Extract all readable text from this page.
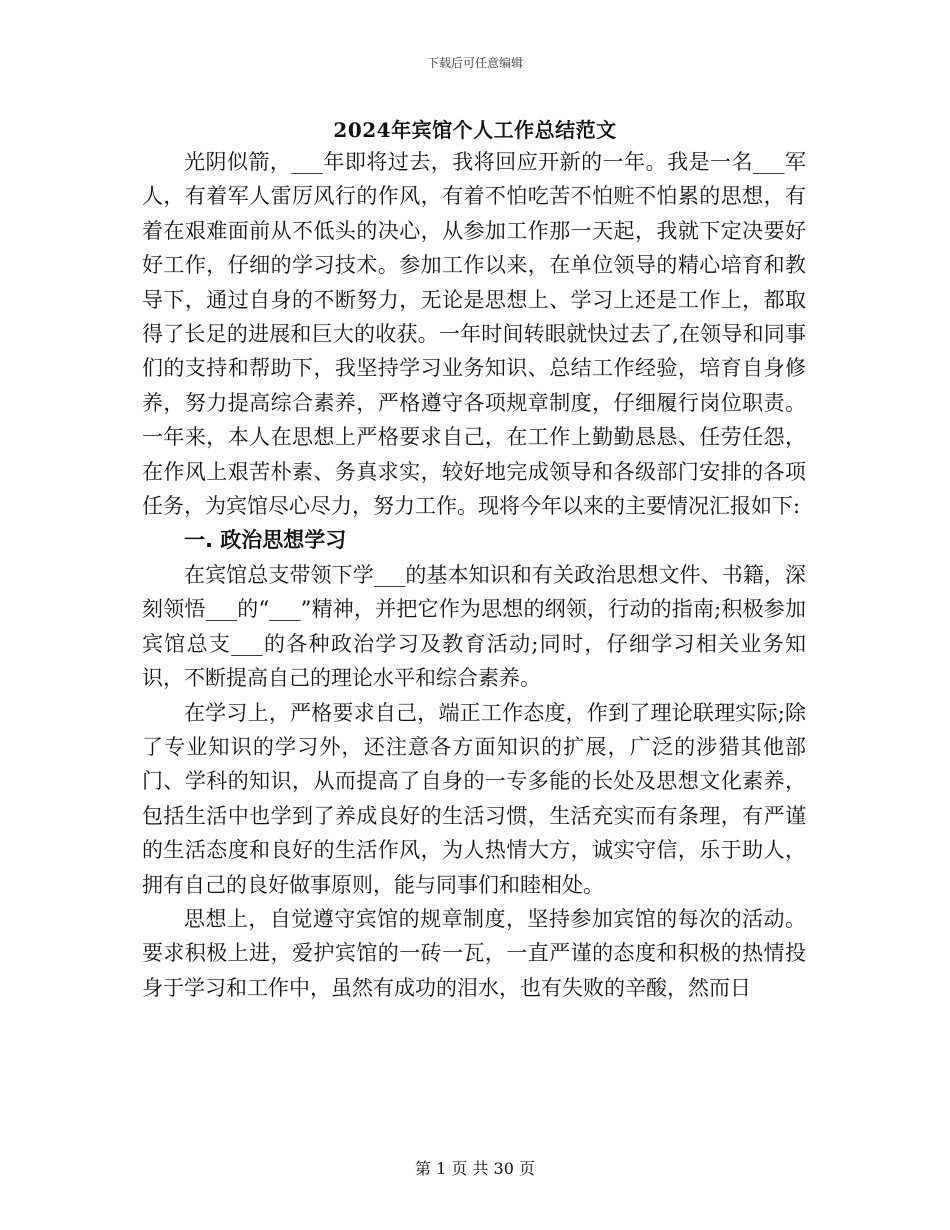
下载后可任意编辑
2024年宾馆个人工作总结范文

光阴似箭，___年即将过去，我将回应开新的一年。我是一名___军人，有着军人雷厉风行的作风，有着不怕吃苦不怕赃不怕累的思想，有着在艰难面前从不低头的决心，从参加工作那一天起，我就下定决要好好工作，仔细的学习技术。参加工作以来，在单位领导的精心培育和教导下，通过自身的不断努力，无论是思想上、学习上还是工作上，都取得了长足的进展和巨大的收获。一年时间转眼就快过去了,在领导和同事们的支持和帮助下，我坚持学习业务知识、总结工作经验，培育自身修养，努力提高综合素养，严格遵守各项规章制度，仔细履行岗位职责。一年来，本人在思想上严格要求自己，在工作上勤勤恳恳、任劳任怨，在作风上艰苦朴素、务真求实，较好地完成领导和各级部门安排的各项任务，为宾馆尽心尽力，努力工作。现将今年以来的主要情况汇报如下:

一. 政治思想学习

在宾馆总支带领下学___的基本知识和有关政治思想文件、书籍，深刻领悟___的“___”精神，并把它作为思想的纲领，行动的指南;积极参加宾馆总支___的各种政治学习及教育活动;同时，仔细学习相关业务知识，不断提高自己的理论水平和综合素养。

在学习上，严格要求自己，端正工作态度，作到了理论联理实际;除了专业知识的学习外，还注意各方面知识的扩展，广泛的涉猎其他部门、学科的知识，从而提高了自身的一专多能的长处及思想文化素养，包括生活中也学到了养成良好的生活习惯，生活充实而有条理，有严谨的生活态度和良好的生活作风，为人热情大方，诚实守信，乐于助人，拥有自己的良好做事原则，能与同事们和睦相处。

思想上，自觉遵守宾馆的规章制度，坚持参加宾馆的每次的活动。要求积极上进，爱护宾馆的一砖一瓦，一直严谨的态度和积极的热情投身于学习和工作中，虽然有成功的泪水，也有失败的辛酸，然而日

第 1 页 共 30 页
